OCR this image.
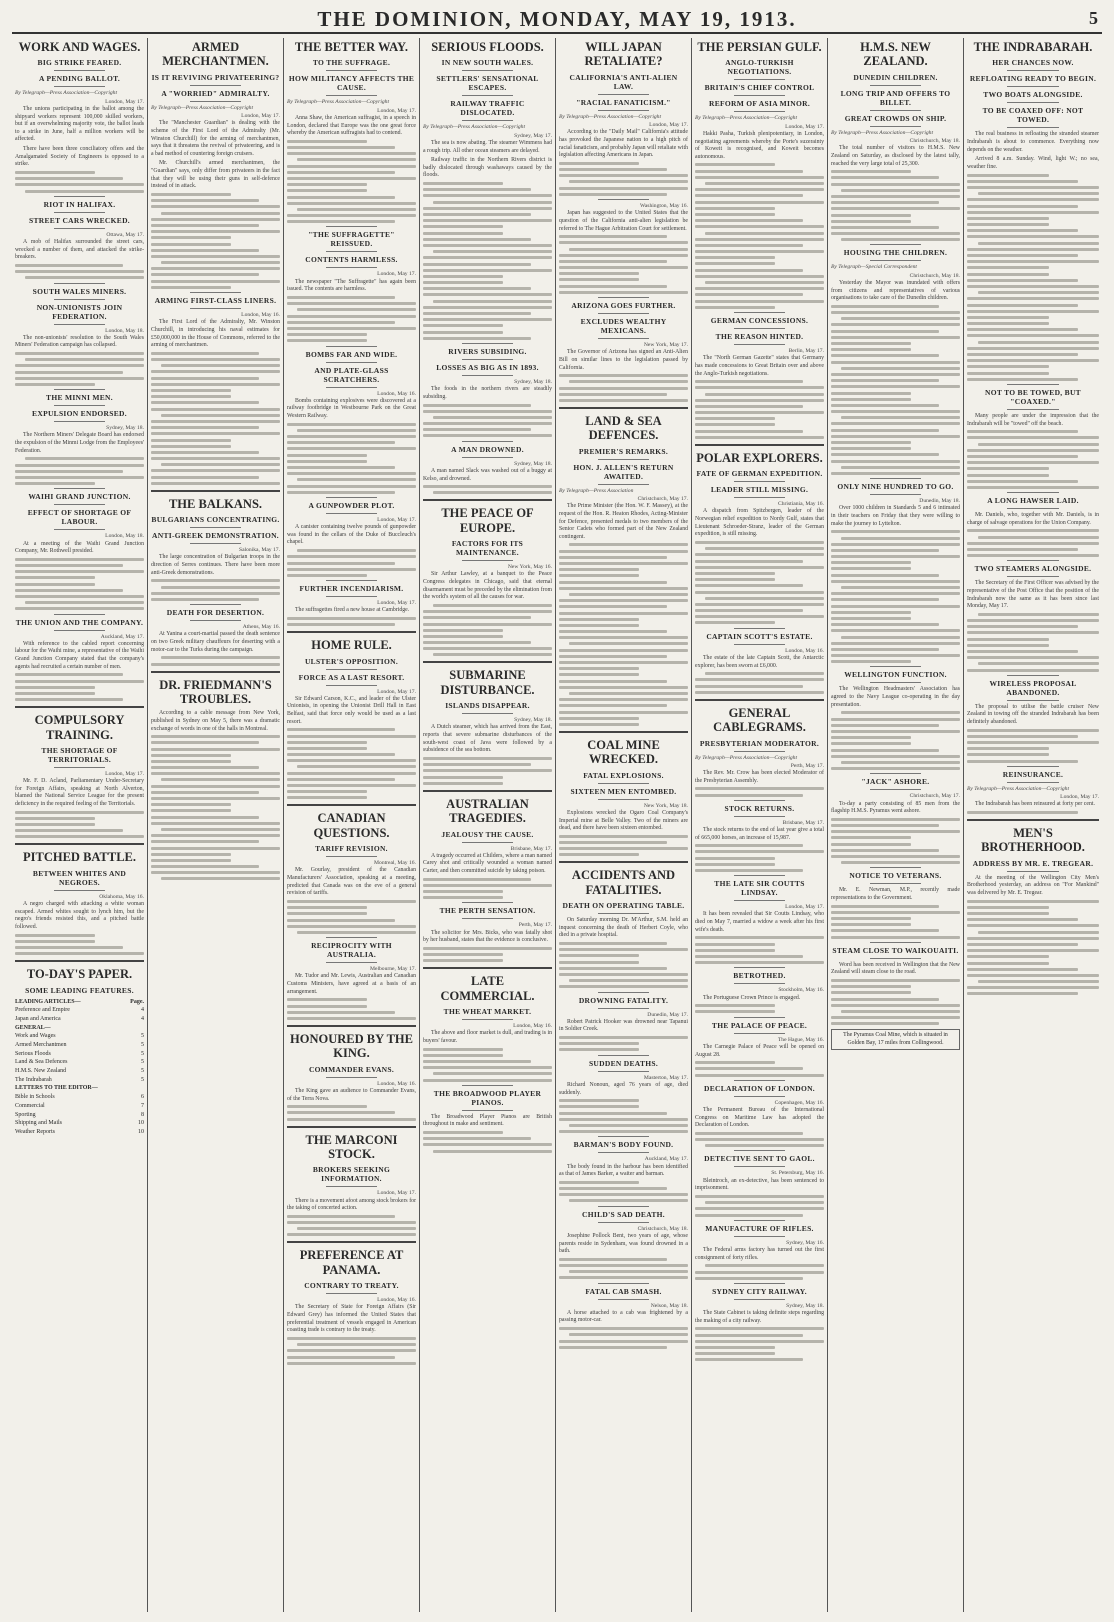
THE DOMINION, MONDAY, MAY 19, 1913.	5
WORK AND WAGES.
BIG STRIKE FEARED.
A PENDING BALLOT.
By Telegraph—Press Association—Copyright
London, May 17.

The unions participating in the ballot among the shipyard workers represent 100,000 skilled workers, but if an overwhelming majority vote, the ballot leads to a strike in June, half a million workers will be affected.

There have been three conciliatory offers and the Amalgamated Society of Engineers is opposed to a strike.

RIOT IN HALIFAX.
STREET CARS WRECKED.
Ottawa, May 17.

A mob of Halifax surrounded the street cars, wrecked a number of them, and attacked the strike-breakers.

SOUTH WALES MINERS.
NON-UNIONISTS JOIN FEDERATION.
London, May 18.

The non-unionists' resolution to the South Wales Miners' Federation campaign has collapsed.

THE MINNI MEN.
EXPULSION ENDORSED.
Sydney, May 18.

The Northern Miners' Delegate Board has endorsed the expulsion of the Minmi Lodge from the Employees' Federation.

WAIHI GRAND JUNCTION.
EFFECT OF SHORTAGE OF LABOUR.
London, May 18.

At a meeting of the Waihi Grand Junction Company, Mr. Rothwell presided.

THE UNION AND THE COMPANY.
Auckland, May 17.

With reference to the cabled report concerning labour for the Waihi mine, a representative of the Waihi Grand Junction Company stated that the company's agents had recruited a certain number of men.

COMPULSORY TRAINING.
THE SHORTAGE OF TERRITORIALS.
London, May 17.

Mr. F. D. Acland, Parliamentary Under-Secretary for Foreign Affairs, speaking at North Alverton, blamed the National Service League for the present deficiency in the required feeling of the Territorials.

PITCHED BATTLE.
BETWEEN WHITES AND NEGROES.
Oklahoma, May 16.

A negro charged with attacking a white woman escaped. Armed whites sought to lynch him, but the negro's friends resisted this, and a pitched battle followed.

TO-DAY'S PAPER.
SOME LEADING FEATURES.
LEADING ARTICLES—	Page.
Preference and Empire	4
Japan and America	4
GENERAL—
Work and Wages	5
Armed Merchantmen	5
Serious Floods	5
Land & Sea Defences	5
H.M.S. New Zealand	5
The Indrabarah	5
LETTERS TO THE EDITOR—
Bible in Schools	6
Commercial	7
Sporting	8
Shipping and Mails	10
Weather Reports	10
ARMED MERCHANTMEN.
IS IT REVIVING PRIVATEERING?
A "WORRIED" ADMIRALTY.
By Telegraph—Press Association—Copyright
London, May 17.

The "Manchester Guardian" is dealing with the scheme of the First Lord of the Admiralty (Mr. Winston Churchill) for the arming of merchantmen, says that it threatens the revival of privateering, and is a bad method of countering foreign cruisers.

Mr. Churchill's armed merchantmen, the "Guardian" says, only differ from privateers in the fact that they will be using their guns in self-defence instead of in attack.

ARMING FIRST-CLASS LINERS.
London, May 16.

The First Lord of the Admiralty, Mr. Winston Churchill, in introducing his naval estimates for £50,000,000 in the House of Commons, referred to the arming of merchantmen.

THE BALKANS.
BULGARIANS CONCENTRATING.
ANTI-GREEK DEMONSTRATION.
Salonika, May 17.

The large concentration of Bulgarian troops in the direction of Serres continues. There have been more anti-Greek demonstrations.

DEATH FOR DESERTION.
Athens, May 16.

At Yanina a court-martial passed the death sentence on two Greek military chauffeurs for deserting with a motor-car to the Turks during the campaign.

DR. FRIEDMANN'S TROUBLES.

According to a cable message from New York, published in Sydney on May 5, there was a dramatic exchange of words in one of the halls in Montreal.

THE BETTER WAY.
TO THE SUFFRAGE.
HOW MILITANCY AFFECTS THE CAUSE.
By Telegraph—Press Association—Copyright
London, May 17.

Anna Shaw, the American suffragist, in a speech in London, declared that Europe was the one great force whereby the American suffragists had to contend.

"THE SUFFRAGETTE" REISSUED.
CONTENTS HARMLESS.
London, May 17.

The newspaper "The Suffragette" has again been issued. The contents are harmless.

BOMBS FAR AND WIDE.
AND PLATE-GLASS SCRATCHERS.
London, May 16.

Bombs containing explosives were discovered at a railway footbridge in Westbourne Park on the Great Western Railway.

A GUNPOWDER PLOT.
London, May 17.

A canister containing twelve pounds of gunpowder was found in the cellars of the Duke of Buccleuch's chapel.

FURTHER INCENDIARISM.
London, May 17.

The suffragettes fired a new house at Cambridge.

HOME RULE.
ULSTER'S OPPOSITION.
FORCE AS A LAST RESORT.
London, May 17.

Sir Edward Carson, K.C., and leader of the Ulster Unionists, in opening the Unionist Drill Hall in East Belfast, said that force only would be used as a last resort.

CANADIAN QUESTIONS.
TARIFF REVISION.
Montreal, May 16.

Mr. Gourlay, president of the Canadian Manufacturers' Association, speaking at a meeting, predicted that Canada was on the eve of a general revision of tariffs.

RECIPROCITY WITH AUSTRALIA.
Melbourne, May 17.

Mr. Tudor and Mr. Lewis, Australian and Canadian Customs Ministers, have agreed at a basis of an arrangement.

HONOURED BY THE KING.
COMMANDER EVANS.
London, May 16.

The King gave an audience to Commander Evans, of the Terra Nova.

THE MARCONI STOCK.
BROKERS SEEKING INFORMATION.
London, May 17.

There is a movement afoot among stock brokers for the taking of concerted action.

PREFERENCE AT PANAMA.
CONTRARY TO TREATY.
London, May 16.

The Secretary of State for Foreign Affairs (Sir Edward Grey) has informed the United States that preferential treatment of vessels engaged in American coasting trade is contrary to the treaty.

SERIOUS FLOODS.
IN NEW SOUTH WALES.
SETTLERS' SENSATIONAL ESCAPES.
RAILWAY TRAFFIC DISLOCATED.
By Telegraph—Press Association—Copyright
Sydney, May 17.

The sea is now abating. The steamer Wimmera had a rough trip. All other ocean steamers are delayed.

Railway traffic in the Northern Rivers district is badly dislocated through washaways caused by the floods.

RIVERS SUBSIDING.
LOSSES AS BIG AS IN 1893.
Sydney, May 18.

The foods in the northern rivers are steadily subsiding.

A MAN DROWNED.
Sydney, May 18.

A man named Slack was washed out of a buggy at Kelso, and drowned.

THE PEACE OF EUROPE.
FACTORS FOR ITS MAINTENANCE.
New York, May 16.

Sir Arthur Lawley, at a banquet to the Peace Congress delegates in Chicago, said that eternal disarmament must be preceded by the elimination from the world's system of all the causes for war.

SUBMARINE DISTURBANCE.
ISLANDS DISAPPEAR.
Sydney, May 18.

A Dutch steamer, which has arrived from the East, reports that severe submarine disturbances of the south-west coast of Java were followed by a subsidence of the sea bottom.

AUSTRALIAN TRAGEDIES.
JEALOUSY THE CAUSE.
Brisbane, May 17.

A tragedy occurred at Childers, where a man named Carey shot and critically wounded a woman named Carter, and then committed suicide by taking poison.

THE PERTH SENSATION.
Perth, May 17.

The solicitor for Mrs. Bicks, who was fatally shot by her husband, states that the evidence is conclusive.

LATE COMMERCIAL.
THE WHEAT MARKET.
London, May 16.

The above and floor market is dull, and trading is in buyers' favour.

THE BROADWOOD PLAYER PIANOS.

The Broadwood Player Pianos are British throughout in make and sentiment.

WILL JAPAN RETALIATE?
CALIFORNIA'S ANTI-ALIEN LAW.
"RACIAL FANATICISM."
By Telegraph—Press Association—Copyright
London, May 17.

According to the "Daily Mail" California's attitude has provoked the Japanese nation to a high pitch of racial fanaticism, and probably Japan will retaliate with legislation affecting Americans in Japan.

Washington, May 16.

Japan has suggested to the United States that the question of the California anti-alien legislation be referred to The Hague Arbitration Court for settlement.

ARIZONA GOES FURTHER.
EXCLUDES WEALTHY MEXICANS.
New York, May 17.

The Governor of Arizona has signed an Anti-Alien Bill on similar lines to the legislation passed by California.

LAND & SEA DEFENCES.
PREMIER'S REMARKS.
HON. J. ALLEN'S RETURN AWAITED.
By Telegraph—Press Association
Christchurch, May 17.

The Prime Minister (the Hon. W. F. Massey), at the request of the Hon. R. Heaton Rhodes, Acting-Minister for Defence, presented medals to two members of the Senior Cadets who formed part of the New Zealand contingent.

COAL MINE WRECKED.
FATAL EXPLOSIONS.
SIXTEEN MEN ENTOMBED.
New York, May 18.

Explosions wrecked the Ogaro Coal Company's Imperial mine at Belle Valley. Two of the miners are dead, and there have been sixteen entombed.

ACCIDENTS AND FATALITIES.
DEATH ON OPERATING TABLE.

On Saturday morning Dr. M'Arthur, S.M. held an inquest concerning the death of Herbert Coyle, who died in a private hospital.

DROWNING FATALITY.
Dunedin, May 17.

Robert Patrick Hooker was drowned near Tapanui in Soldier Creek.

SUDDEN DEATHS.
Masterton, May 17.

Richard Nonoun, aged 76 years of age, died suddenly.

BARMAN'S BODY FOUND.
Auckland, May 17.

The body found in the harbour has been identified as that of James Barker, a waiter and barman.

CHILD'S SAD DEATH.
Christchurch, May 18.

Josephine Pollock Bent, two years of age, whose parents reside in Sydenham, was found drowned in a bath.

FATAL CAB SMASH.
Nelson, May 18.

A horse attached to a cab was frightened by a passing motor-car.

THE PERSIAN GULF.
ANGLO-TURKISH NEGOTIATIONS.
BRITAIN'S CHIEF CONTROL
REFORM OF ASIA MINOR.
By Telegraph—Press Association—Copyright
London, May 17.

Hakki Pasha, Turkish plenipotentiary, in London, negotiating agreements whereby the Porte's suzerainty of Koweit is recognised, and Koweit becomes autonomous.

GERMAN CONCESSIONS.
THE REASON HINTED.
Berlin, May 17.

The "North German Gazette" states that Germany has made concessions to Great Britain over and above the Anglo-Turkish negotiations.

POLAR EXPLORERS.
FATE OF GERMAN EXPEDITION.
LEADER STILL MISSING.
Christiania, May 16.

A dispatch from Spitzbergen, leader of the Norwegian relief expedition to Nordy Gulf, states that Lieutenant Schroeder-Stranz, leader of the German expedition, is still missing.

CAPTAIN SCOTT'S ESTATE.
London, May 16.

The estate of the late Captain Scott, the Antarctic explorer, has been sworn at £6,000.

GENERAL CABLEGRAMS.
PRESBYTERIAN MODERATOR.
By Telegraph—Press Association—Copyright
Perth, May 17.

The Rev. Mr. Crow has been elected Moderator of the Presbyterian Assembly.

STOCK RETURNS.
Brisbane, May 17.

The stock returns to the end of last year give a total of 665,000 horses, an increase of 15,987.

THE LATE SIR COUTTS LINDSAY.
London, May 17.

It has been revealed that Sir Coutts Lindsay, who died on May 7, married a widow a week after his first wife's death.

BETROTHED.
Stockholm, May 16.

The Portuguese Crown Prince is engaged.

THE PALACE OF PEACE.
The Hague, May 16.

The Carnegie Palace of Peace will be opened on August 28.

DECLARATION OF LONDON.
Copenhagen, May 16.

The Permanent Bureau of the International Congress on Maritime Law has adopted the Declaration of London.

DETECTIVE SENT TO GAOL.
St. Petersburg, May 16.

Bleintroch, an ex-detective, has been sentenced to imprisonment.

MANUFACTURE OF RIFLES.
Sydney, May 16.

The Federal arms factory has turned out the first consignment of forty rifles.

SYDNEY CITY RAILWAY.
Sydney, May 18.

The State Cabinet is taking definite steps regarding the making of a city railway.

H.M.S. NEW ZEALAND.
DUNEDIN CHILDREN.
LONG TRIP AND OFFERS TO BILLET.
GREAT CROWDS ON SHIP.
By Telegraph—Press Association—Copyright
Christchurch, May 18.

The total number of visitors to H.M.S. New Zealand on Saturday, as disclosed by the latest tally, reached the very large total of 25,300.

HOUSING THE CHILDREN.
By Telegraph—Special Correspondent
Christchurch, May 18.

Yesterday the Mayor was inundated with offers from citizens and representatives of various organisations to take care of the Dunedin children.

ONLY NINE HUNDRED TO GO.
Dunedin, May 18.

Over 1000 children in Standards 5 and 6 intimated in their teachers on Friday that they were willing to make the journey to Lyttelton.

WELLINGTON FUNCTION.

The Wellington Headmasters' Association has agreed to the Navy League co-operating in the day presentation.

"JACK" ASHORE.
Christchurch, May 17.

To-day a party consisting of 85 men from the flagship H.M.S. Pyramus went ashore.

NOTICE TO VETERANS.

Mr. E. Newman, M.P., recently made representations to the Government.

STEAM CLOSE TO WAIKOUAITI.

Word has been received in Wellington that the New Zealand will steam close to the road.

The Pyramus Coal Mine, which is situated in Golden Bay, 17 miles from Collingwood.
THE INDRABARAH.
HER CHANCES NOW.
REFLOATING READY TO BEGIN.
TWO BOATS ALONGSIDE.
TO BE COAXED OFF: NOT TOWED.

The real business in refloating the stranded steamer Indrabarah is about to commence. Everything now depends on the weather.

Arrived 8 a.m. Sunday. Wind, light W.; no sea, weather fine.

NOT TO BE TOWED, BUT "COAXED."

Many people are under the impression that the Indrabarah will be "towed" off the beach.

A LONG HAWSER LAID.

Mr. Daniels, who, together with Mr. Daniels, is in charge of salvage operations for the Union Company.

TWO STEAMERS ALONGSIDE.

The Secretary of the First Officer was advised by the representative of the Post Office that the position of the Indrabarah now the same as it has been since last Monday, May 17.

WIRELESS PROPOSAL ABANDONED.

The proposal to utilise the battle cruiser New Zealand in towing off the stranded Indrabarah has been definitely abandoned.

REINSURANCE.
By Telegraph—Press Association—Copyright
London, May 17.

The Indrabarah has been reinsured at forty per cent.

MEN'S BROTHERHOOD.
ADDRESS BY MR. E. TREGEAR.

At the meeting of the Wellington City Men's Brotherhood yesterday, an address on "For Mankind" was delivered by Mr. E. Tregear.
